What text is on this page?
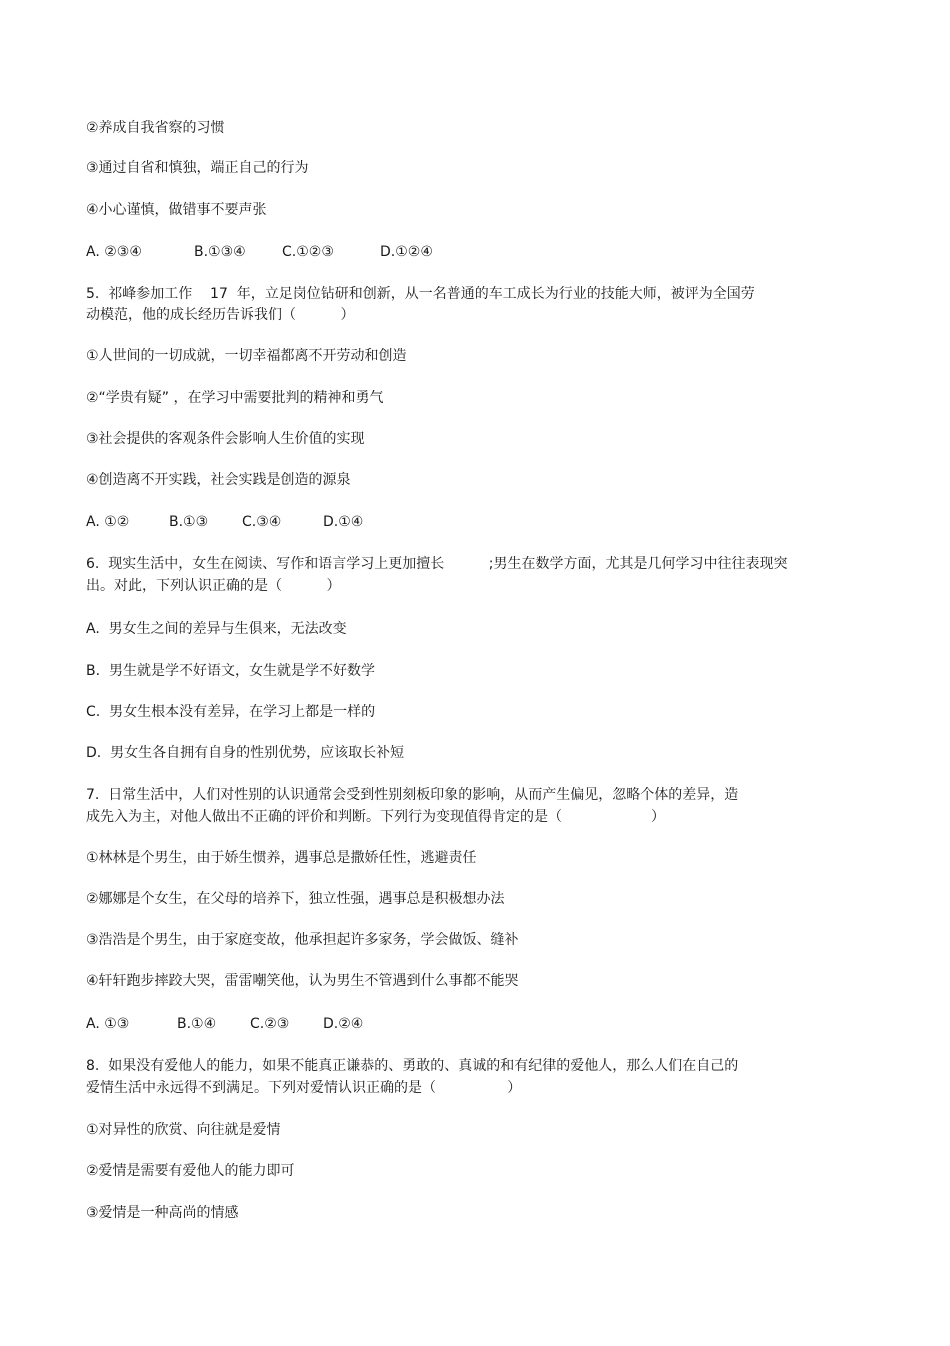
②养成自我省察的习惯
③通过自省和慎独，端正自己的行为
④小心谨慎，做错事不要声张
A. ②③④	B.①③④	C.①②③	D.①②④
5.  祁峰参加工作    17  年，立足岗位钻研和创新，从一名普通的车工成长为行业的技能大师，被评为全国劳
动模范，他的成长经历告诉我们（          ）
①人世间的一切成就，一切幸福都离不开劳动和创造
②“学贵有疑” ，在学习中需要批判的精神和勇气
③社会提供的客观条件会影响人生价值的实现
④创造离不开实践，社会实践是创造的源泉
A. ①②	B.①③ C.③④	D.①④
6.  现实生活中，女生在阅读、写作和语言学习上更加擅长          ;男生在数学方面，尤其是几何学习中往往表现突
出。对此，下列认识正确的是（          ）
A.  男女生之间的差异与生俱来，无法改变
B.  男生就是学不好语文，女生就是学不好数学
C.  男女生根本没有差异，在学习上都是一样的
D.  男女生各自拥有自身的性别优势，应该取长补短
7.  日常生活中，人们对性别的认识通常会受到性别刻板印象的影响，从而产生偏见，忽略个体的差异，造
成先入为主，对他人做出不正确的评价和判断。下列行为变现值得肯定的是（                    ）
①林林是个男生，由于娇生惯养，遇事总是撒娇任性，逃避责任
②娜娜是个女生，在父母的培养下，独立性强，遇事总是积极想办法
③浩浩是个男生，由于家庭变故，他承担起许多家务，学会做饭、缝补
④轩轩跑步摔跤大哭，雷雷嘲笑他，认为男生不管遇到什么事都不能哭
A. ①③	B.①④ C.②③ D.②④
8.  如果没有爱他人的能力，如果不能真正谦恭的、勇敢的、真诚的和有纪律的爱他人，那么人们在自己的
爱情生活中永远得不到满足。下列对爱情认识正确的是（                ）
①对异性的欣赏、向往就是爱情
②爱情是需要有爱他人的能力即可
③爱情是一种高尚的情感
